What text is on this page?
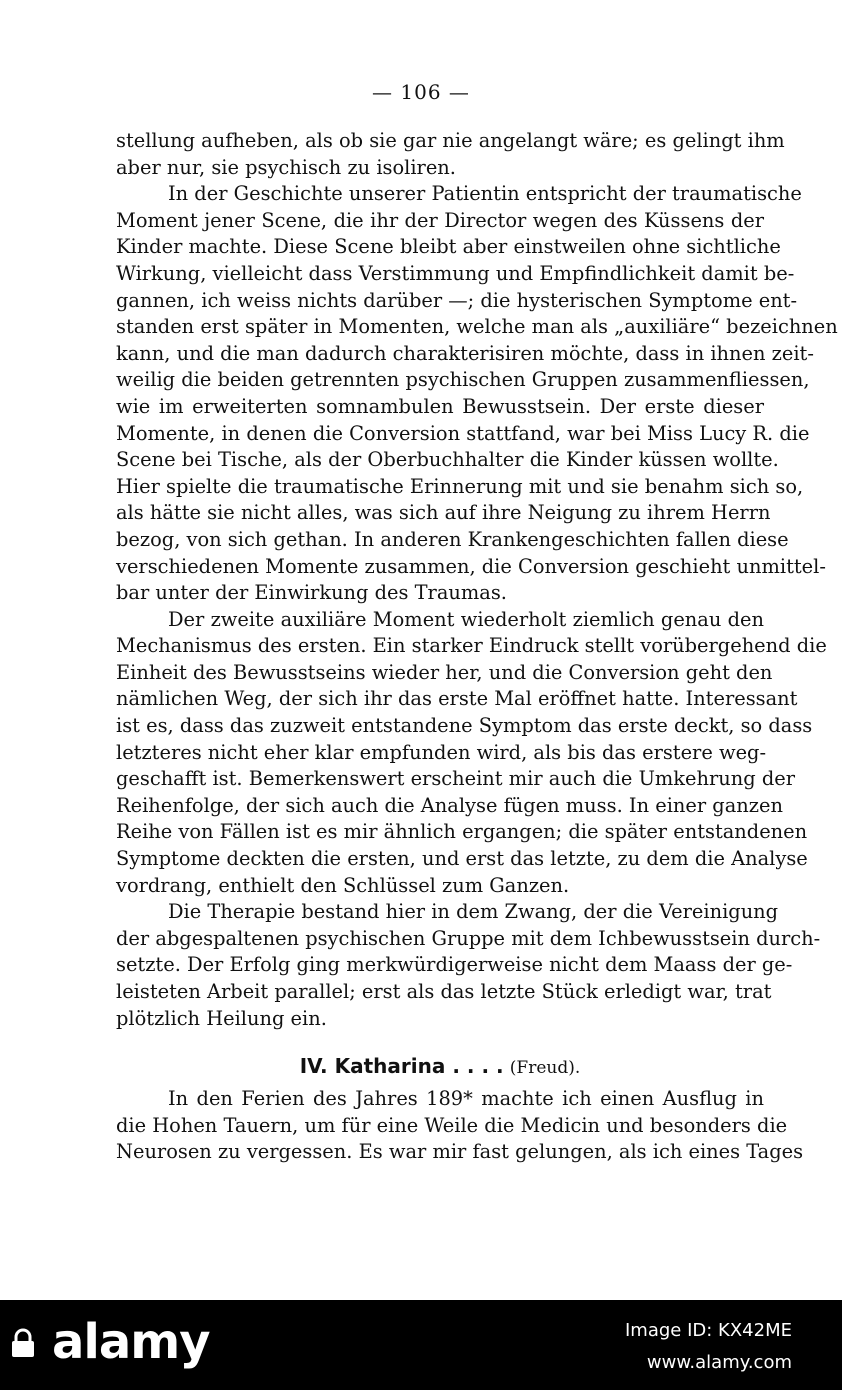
— 106 —
stellung aufheben, als ob sie gar nie angelangt wäre; es gelingt ihm
aber nur, sie psychisch zu isoliren.
In der Geschichte unserer Patientin entspricht der traumatische
Moment jener Scene, die ihr der Director wegen des Küssens der
Kinder machte. Diese Scene bleibt aber einstweilen ohne sichtliche
Wirkung, vielleicht dass Verstimmung und Empfindlichkeit damit be-
gannen, ich weiss nichts darüber —; die hysterischen Symptome ent-
standen erst später in Momenten, welche man als „auxiliäre“ bezeichnen
kann, und die man dadurch charakterisiren möchte, dass in ihnen zeit-
weilig die beiden getrennten psychischen Gruppen zusammenfliessen,
wie im erweiterten somnambulen Bewusstsein. Der erste dieser
Momente, in denen die Conversion stattfand, war bei Miss Lucy R. die
Scene bei Tische, als der Oberbuchhalter die Kinder küssen wollte.
Hier spielte die traumatische Erinnerung mit und sie benahm sich so,
als hätte sie nicht alles, was sich auf ihre Neigung zu ihrem Herrn
bezog, von sich gethan. In anderen Krankengeschichten fallen diese
verschiedenen Momente zusammen, die Conversion geschieht unmittel-
bar unter der Einwirkung des Traumas.
Der zweite auxiliäre Moment wiederholt ziemlich genau den
Mechanismus des ersten. Ein starker Eindruck stellt vorübergehend die
Einheit des Bewusstseins wieder her, und die Conversion geht den
nämlichen Weg, der sich ihr das erste Mal eröffnet hatte. Interessant
ist es, dass das zuzweit entstandene Symptom das erste deckt, so dass
letzteres nicht eher klar empfunden wird, als bis das erstere weg-
geschafft ist. Bemerkenswert erscheint mir auch die Umkehrung der
Reihenfolge, der sich auch die Analyse fügen muss. In einer ganzen
Reihe von Fällen ist es mir ähnlich ergangen; die später entstandenen
Symptome deckten die ersten, und erst das letzte, zu dem die Analyse
vordrang, enthielt den Schlüssel zum Ganzen.
Die Therapie bestand hier in dem Zwang, der die Vereinigung
der abgespaltenen psychischen Gruppe mit dem Ichbewusstsein durch-
setzte. Der Erfolg ging merkwürdigerweise nicht dem Maass der ge-
leisteten Arbeit parallel; erst als das letzte Stück erledigt war, trat
plötzlich Heilung ein.
IV. Katharina . . . . (Freud).
In den Ferien des Jahres 189* machte ich einen Ausflug in
die Hohen Tauern, um für eine Weile die Medicin und besonders die
Neurosen zu vergessen. Es war mir fast gelungen, als ich eines Tages
alamy	Image ID: KX42ME
www.alamy.com
